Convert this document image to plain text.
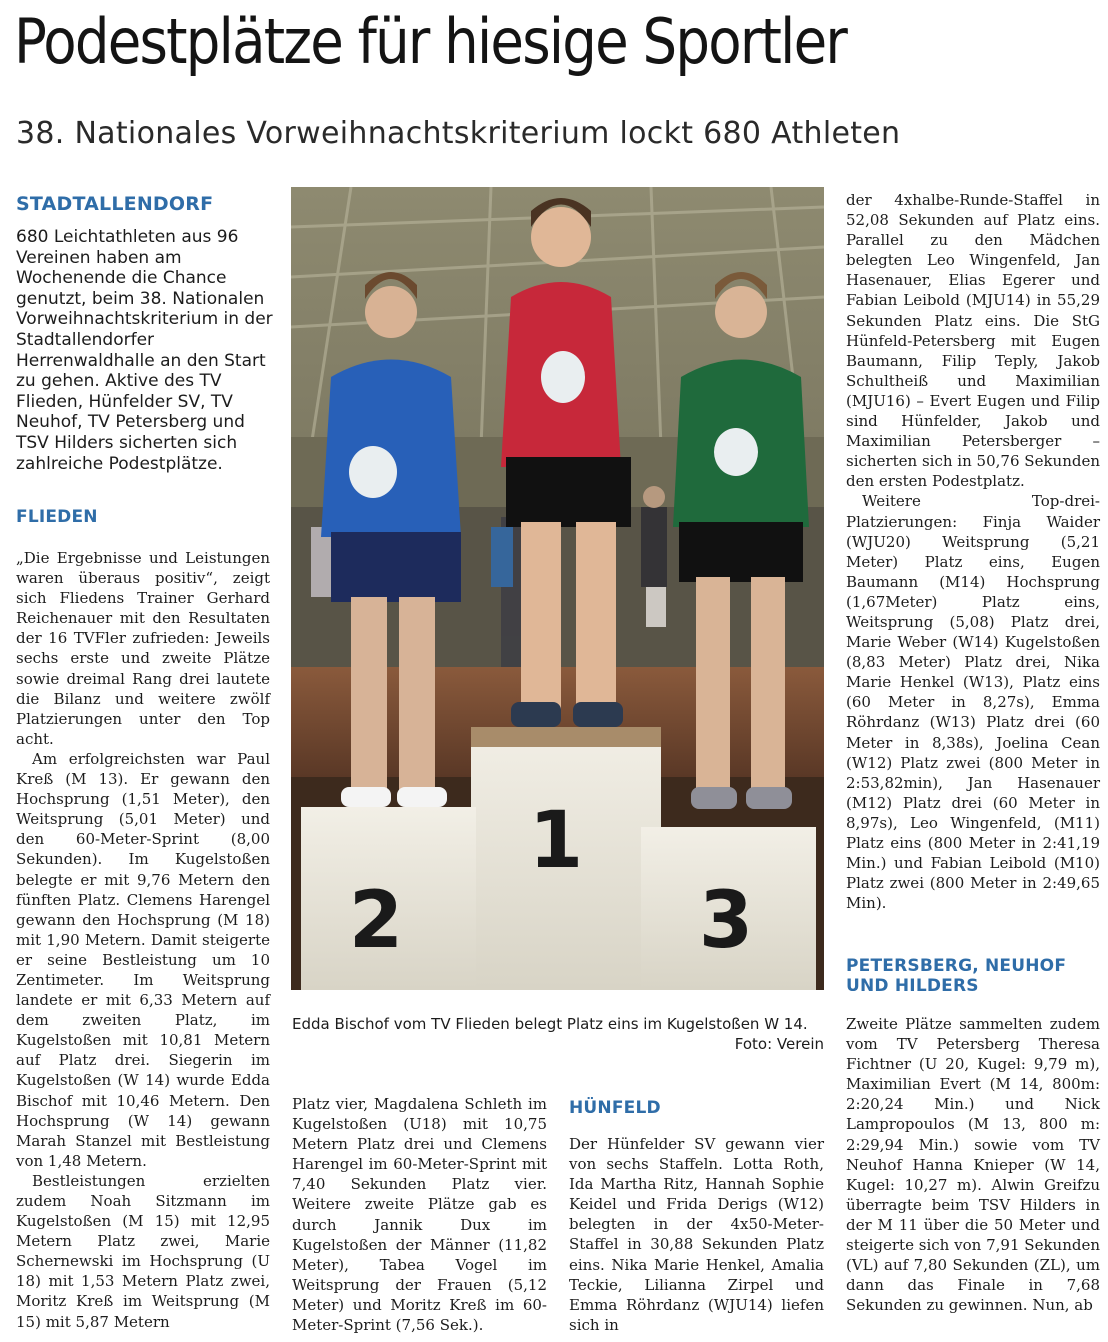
Podestplätze für hiesige Sportler
38. Nationales Vorweihnachtskriterium lockt 680 Athleten
STADTALLENDORF
680 Leichtathleten aus 96 Vereinen haben am Wochenende die Chance genutzt, beim 38. Nationalen Vorweihnachtskriterium in der Stadtallendorfer Herrenwaldhalle an den Start zu gehen. Aktive des TV Flieden, Hünfelder SV, TV Neuhof, TV Petersberg und TSV Hilders sicherten sich zahlreiche Podestplätze.
FLIEDEN

„Die Ergebnisse und Leistungen waren überaus positiv“, zeigt sich Fliedens Trainer Gerhard Reichenauer mit den Resultaten der 16 TVFler zufrieden: Jeweils sechs erste und zweite Plätze sowie dreimal Rang drei lautete die Bilanz und weitere zwölf Platzierungen unter den Top acht.

Am erfolgreichsten war Paul Kreß (M 13). Er gewann den Hochsprung (1,51 Meter), den Weitsprung (5,01 Meter) und den 60-Meter-Sprint (8,00 Sekunden). Im Kugelstoßen belegte er mit 9,76 Metern den fünften Platz. Clemens Harengel gewann den Hochsprung (M 18) mit 1,90 Metern. Damit steigerte er seine Bestleistung um 10 Zentimeter. Im Weitsprung landete er mit 6,33 Metern auf dem zweiten Platz, im Kugelstoßen mit 10,81 Metern auf Platz drei. Siegerin im Kugelstoßen (W 14) wurde Edda Bischof mit 10,46 Metern. Den Hochsprung (W 14) gewann Marah Stanzel mit Bestleistung von 1,48 Metern.

Bestleistungen erzielten zudem Noah Sitzmann im Kugelstoßen (M 15) mit 12,95 Metern Platz zwei, Marie Schernewski im Hochsprung (U 18) mit 1,53 Metern Platz zwei, Moritz Kreß im Weitsprung (M 15) mit 5,87 Metern

1
2	3
Edda Bischof vom TV Flieden belegt Platz eins im Kugelstoßen W 14.
Foto: Verein

Platz vier, Magdalena Schleth im Kugelstoßen (U18) mit 10,75 Metern Platz drei und Clemens Harengel im 60-Meter-Sprint mit 7,40 Sekunden Platz vier. Weitere zweite Plätze gab es durch Jannik Dux im Kugelstoßen der Männer (11,82 Meter), Tabea Vogel im Weitsprung der Frauen (5,12 Meter) und Moritz Kreß im 60-Meter-Sprint (7,56 Sek.).

HÜNFELD

Der Hünfelder SV gewann vier von sechs Staffeln. Lotta Roth, Ida Martha Ritz, Hannah Sophie Keidel und Frida Derigs (W12) belegten in der 4x50-Meter-Staffel in 30,88 Sekunden Platz eins. Nika Marie Henkel, Amalia Teckie, Lilianna Zirpel und Emma Röhrdanz (WJU14) liefen sich in

der 4xhalbe-Runde-Staffel in 52,08 Sekunden auf Platz eins. Parallel zu den Mädchen belegten Leo Wingenfeld, Jan Hasenauer, Elias Egerer und Fabian Leibold (MJU14) in 55,29 Sekunden Platz eins. Die StG Hünfeld-Petersberg mit Eugen Baumann, Filip Teply, Jakob Schultheiß und Maximilian (MJU16) – Evert Eugen und Filip sind Hünfelder, Jakob und Maximilian Petersberger – sicherten sich in 50,76 Sekunden den ersten Podestplatz.

Weitere Top-drei-Platzierungen: Finja Waider (WJU20) Weitsprung (5,21 Meter) Platz eins, Eugen Baumann (M14) Hochsprung (1,67Meter) Platz eins, Weitsprung (5,08) Platz drei, Marie Weber (W14) Kugelstoßen (8,83 Meter) Platz drei, Nika Marie Henkel (W13), Platz eins (60 Meter in 8,27s), Emma Röhrdanz (W13) Platz drei (60 Meter in 8,38s), Joelina Cean (W12) Platz zwei (800 Meter in 2:53,82min), Jan Hasenauer (M12) Platz drei (60 Meter in 8,97s), Leo Wingenfeld, (M11) Platz eins (800 Meter in 2:41,19 Min.) und Fabian Leibold (M10) Platz zwei (800 Meter in 2:49,65 Min).

PETERSBERG, NEUHOF
UND HILDERS

Zweite Plätze sammelten zudem vom TV Petersberg Theresa Fichtner (U 20, Kugel: 9,79 m), Maximilian Evert (M 14, 800m: 2:20,24 Min.) und Nick Lampropoulos (M 13, 800 m: 2:29,94 Min.) sowie vom TV Neuhof Hanna Knieper (W 14, Kugel: 10,27 m). Alwin Greifzu überragte beim TSV Hilders in der M 11 über die 50 Meter und steigerte sich von 7,91 Sekunden (VL) auf 7,80 Sekunden (ZL), um dann das Finale in 7,68 Sekunden zu gewinnen. Nun, ab
